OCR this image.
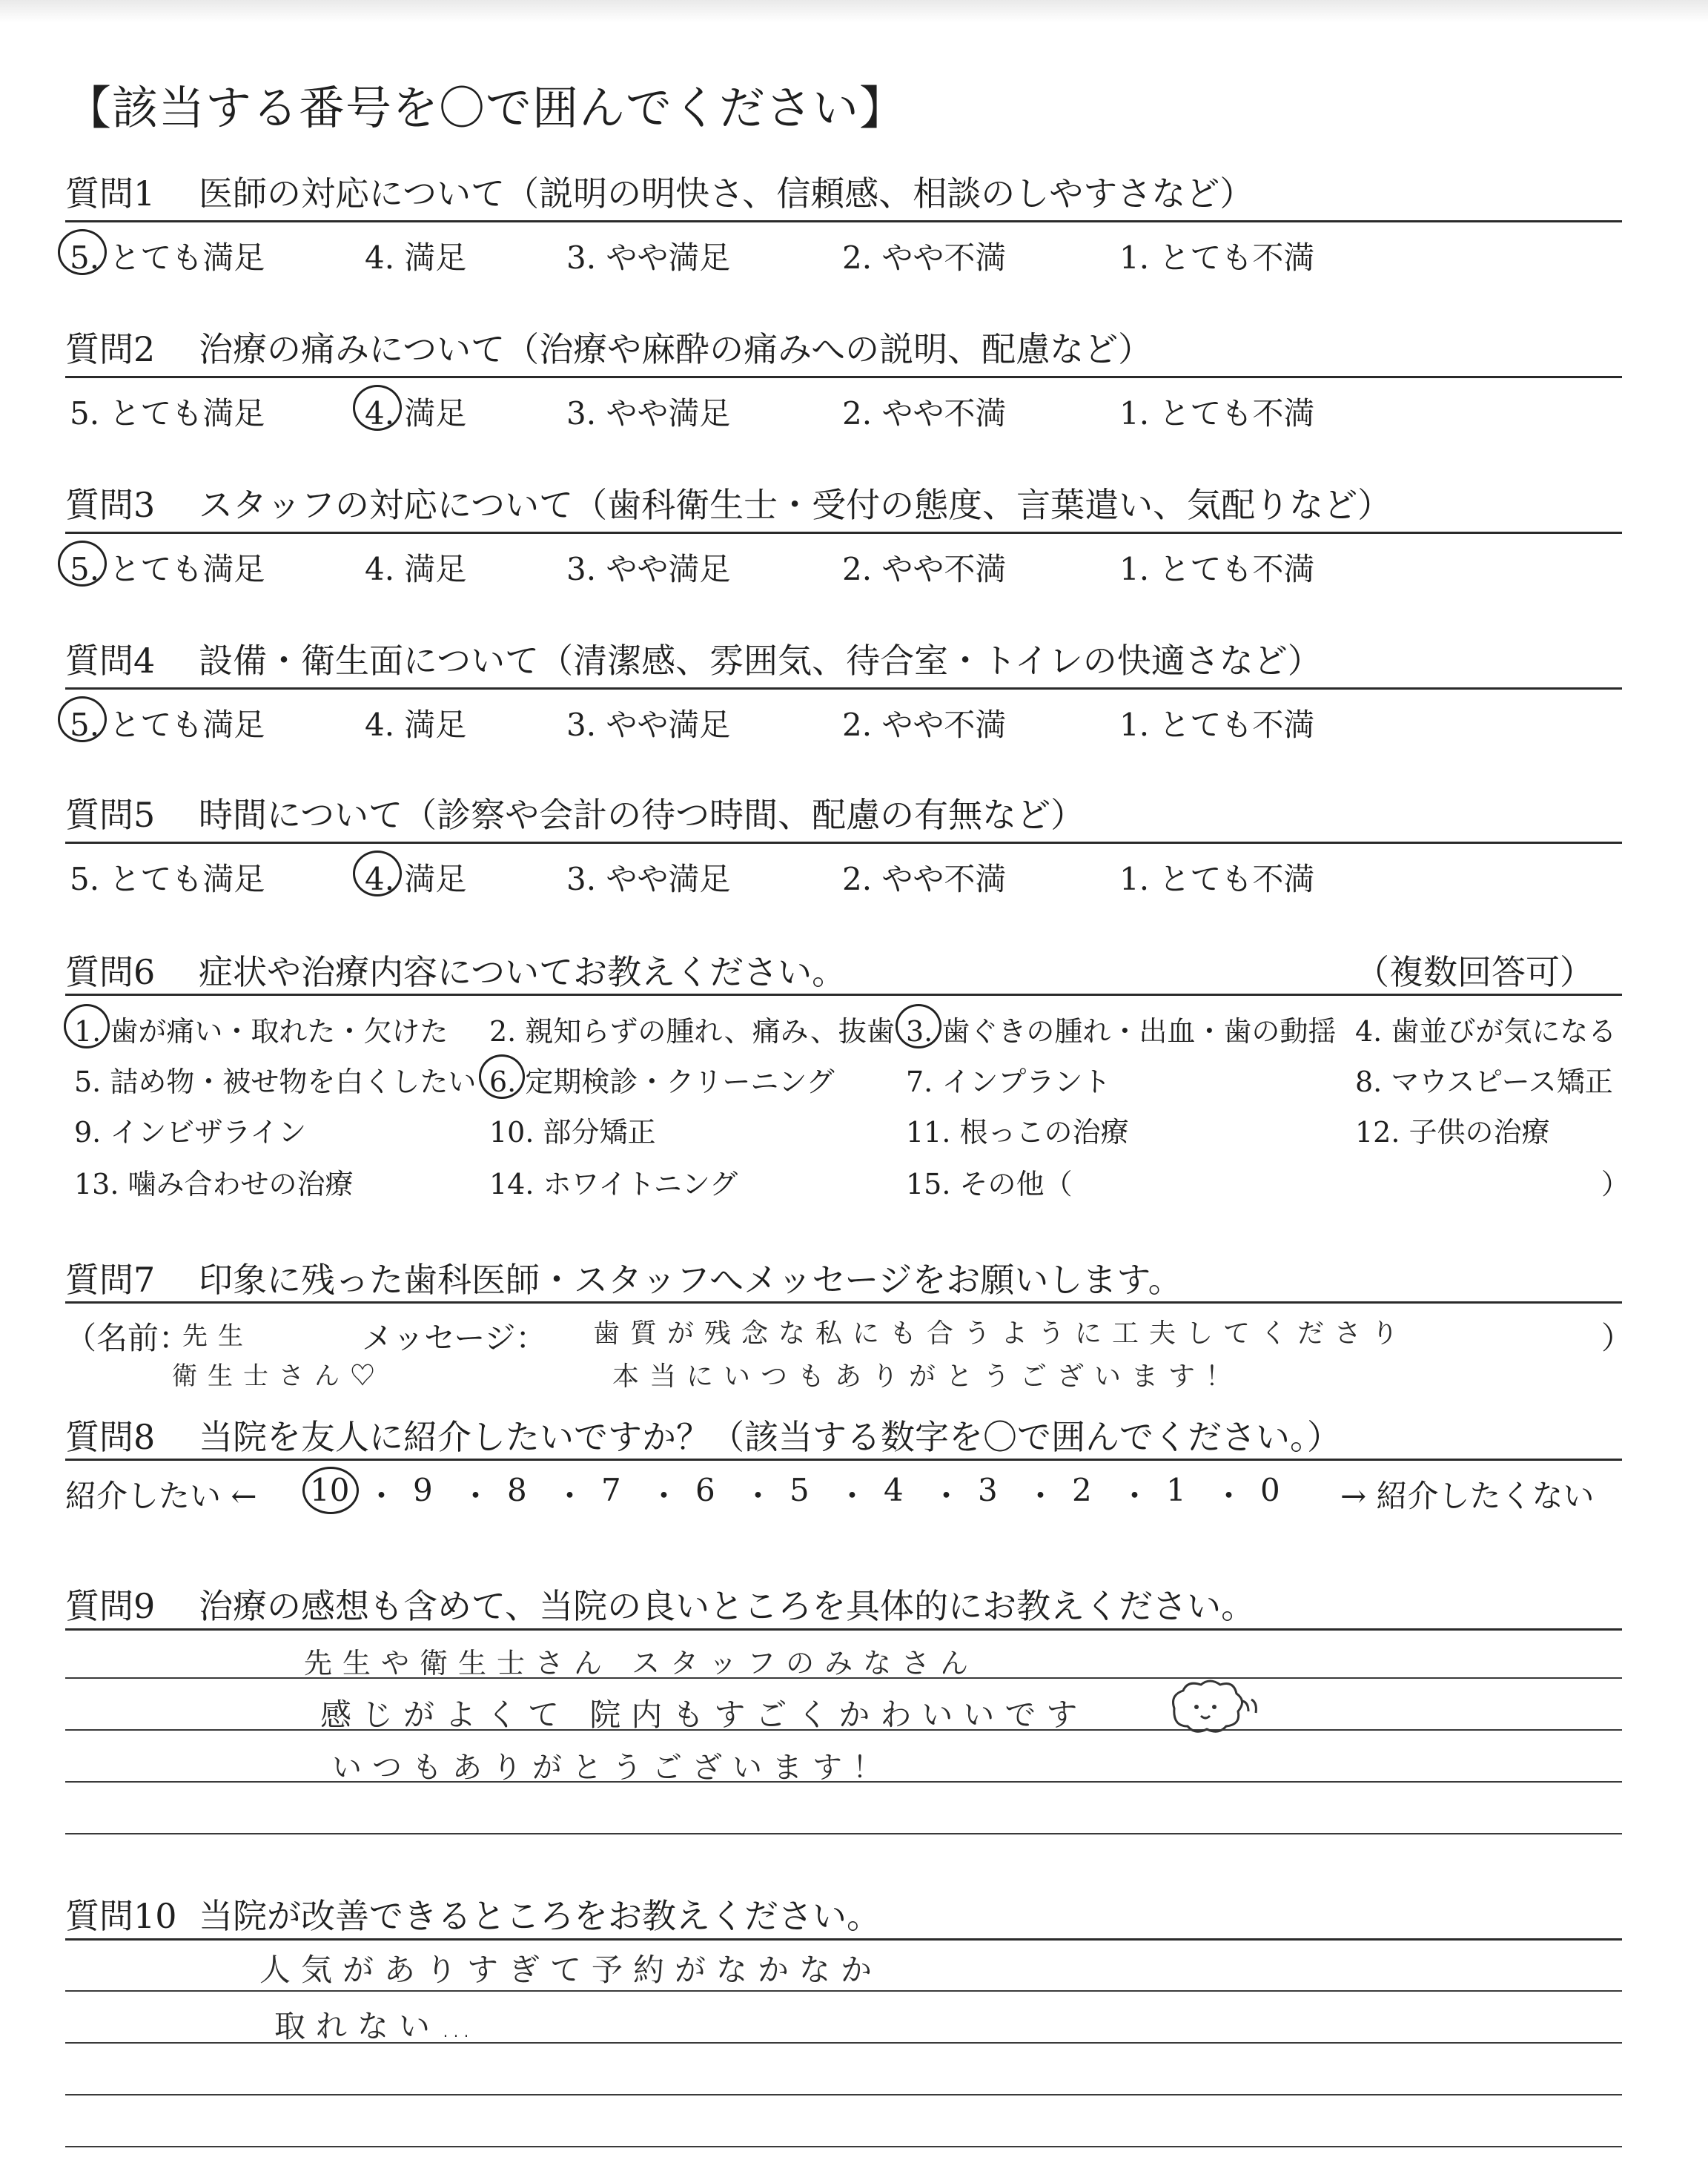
【該当する番号を〇で囲んでください】
質問1 医師の対応について（説明の明快さ、信頼感、相談のしやすさなど）
5. とても満足	4. 満足	3. やや満足	2. やや不満	1. とても不満
質問2 治療の痛みについて（治療や麻酔の痛みへの説明、配慮など）
5. とても満足	4. 満足	3. やや満足	2. やや不満	1. とても不満
質問3 スタッフの対応について（歯科衛生士・受付の態度、言葉遣い、気配りなど）
5. とても満足	4. 満足	3. やや満足	2. やや不満	1. とても不満
質問4 設備・衛生面について（清潔感、雰囲気、待合室・トイレの快適さなど）
5. とても満足	4. 満足	3. やや満足	2. やや不満	1. とても不満
質問5 時間について（診察や会計の待つ時間、配慮の有無など）
5. とても満足	4. 満足	3. やや満足	2. やや不満	1. とても不満
質問6 症状や治療内容についてお教えください。	（複数回答可）
1. 歯が痛い・取れた・欠けた 2. 親知らずの腫れ、痛み、抜歯 3. 歯ぐきの腫れ・出血・歯の動揺 4. 歯並びが気になる
5. 詰め物・被せ物を白くしたい 6. 定期検診・クリーニング	7. インプラント	8. マウスピース矯正
9. インビザライン	10. 部分矯正	11. 根っこの治療	12. 子供の治療
13. 噛み合わせの治療	14. ホワイトニング	15. その他（	）
質問7 印象に残った歯科医師・スタッフへメッセージをお願いします。
（名前：	メッセージ：	）
先生
衛生士さん♡
歯質が残念な私にも合うように工夫してくださり
本当にいつもありがとうございます！
質問8 当院を友人に紹介したいですか？（該当する数字を〇で囲んでください。）
紹介したい ←	→ 紹介したくない
10 ・ 9 ・ 8 ・ 7 ・ 6 ・ 5 ・ 4 ・ 3 ・ 2 ・ 1 ・ 0
質問9 治療の感想も含めて、当院の良いところを具体的にお教えください。
先生や衛生士さん スタッフのみなさん
感じがよくて 院内もすごくかわいいです
いつもありがとうございます！
質問10 当院が改善できるところをお教えください。
人気がありすぎて予約がなかなか
取れない…
